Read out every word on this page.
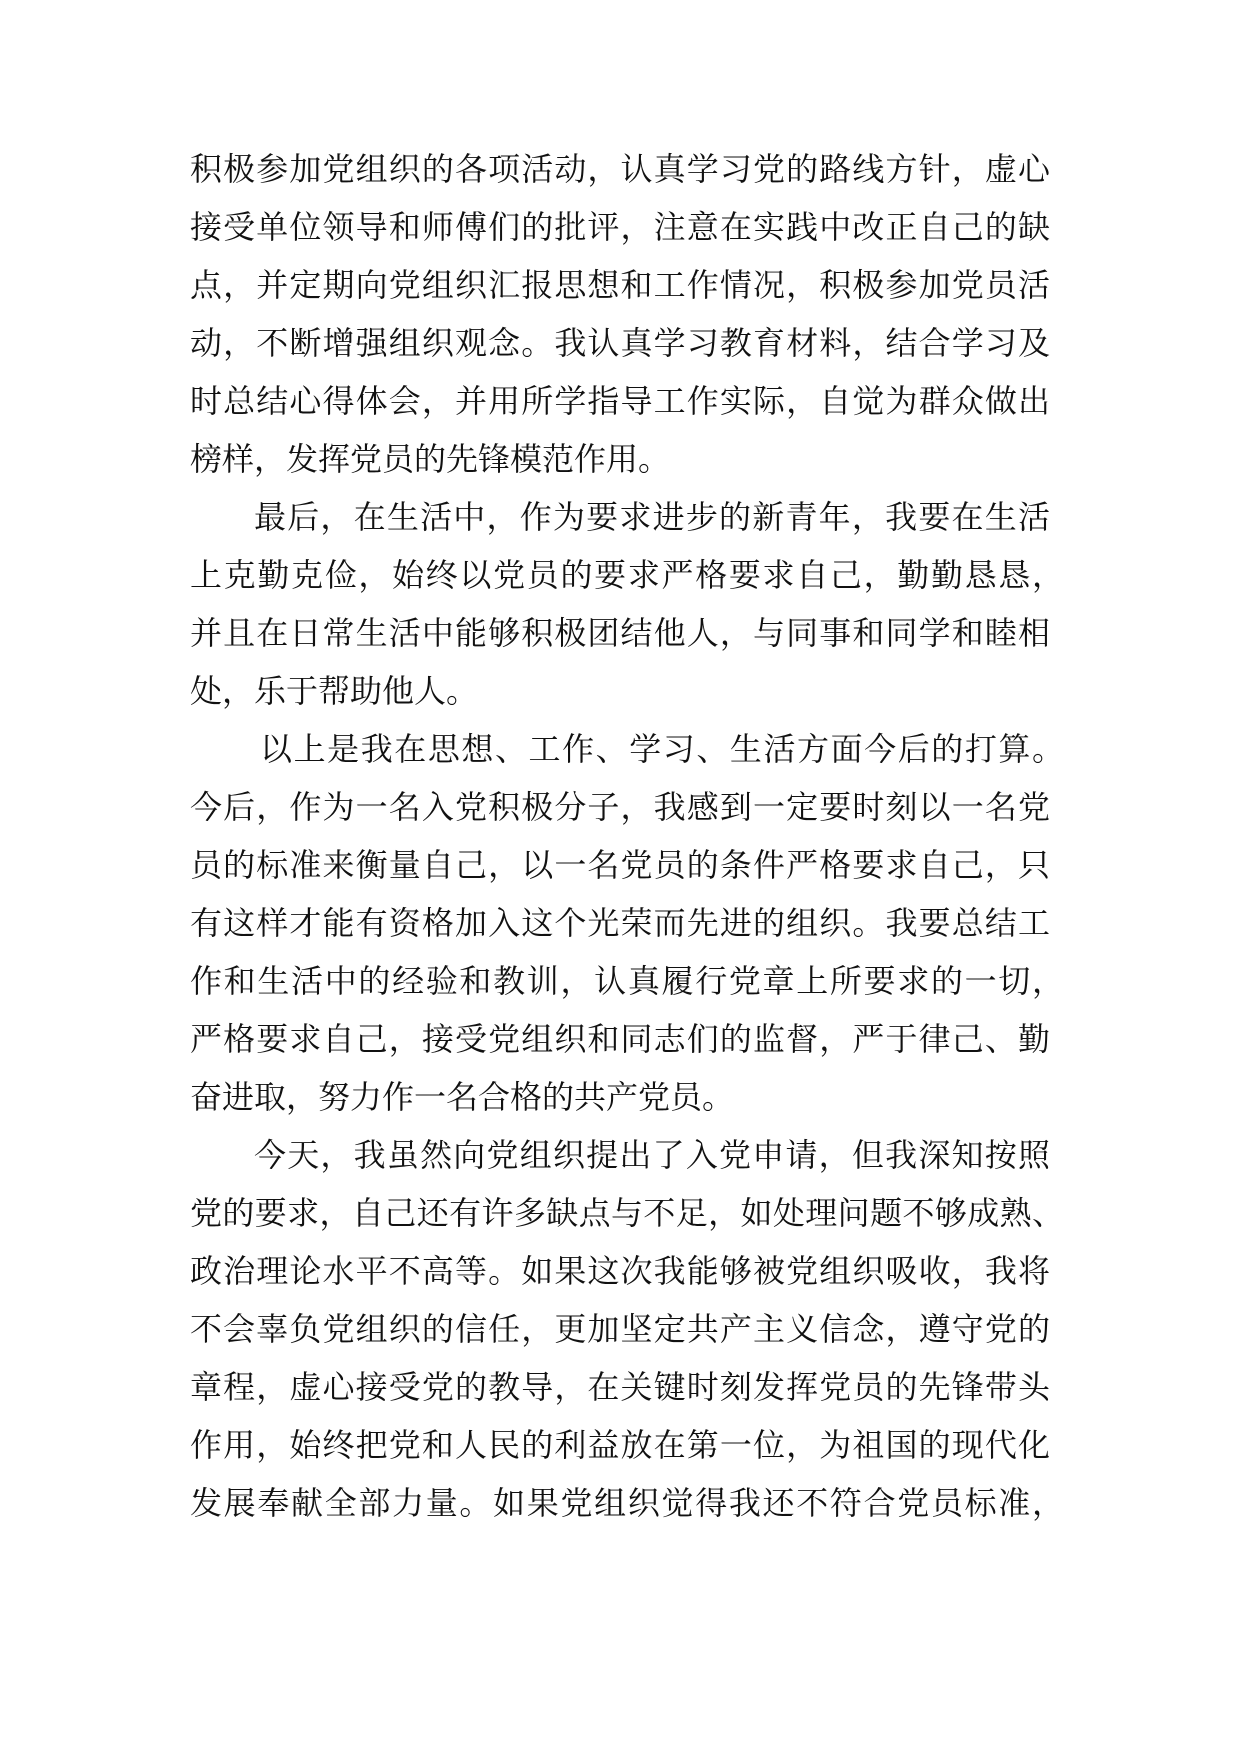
积极参加党组织的各项活动，认真学习党的路线方针，虚心
接受单位领导和师傅们的批评，注意在实践中改正自己的缺
点，并定期向党组织汇报思想和工作情况，积极参加党员活
动，不断增强组织观念。我认真学习教育材料，结合学习及
时总结心得体会，并用所学指导工作实际，自觉为群众做出
榜样，发挥党员的先锋模范作用。
最后，在生活中，作为要求进步的新青年，我要在生活
上克勤克俭，始终以党员的要求严格要求自己，勤勤恳恳，
并且在日常生活中能够积极团结他人，与同事和同学和睦相
处，乐于帮助他人。
以上是我在思想、工作、学习、生活方面今后的打算。
今后，作为一名入党积极分子，我感到一定要时刻以一名党
员的标准来衡量自己，以一名党员的条件严格要求自己，只
有这样才能有资格加入这个光荣而先进的组织。我要总结工
作和生活中的经验和教训，认真履行党章上所要求的一切，
严格要求自己，接受党组织和同志们的监督，严于律己、勤
奋进取，努力作一名合格的共产党员。
今天，我虽然向党组织提出了入党申请，但我深知按照
党的要求，自己还有许多缺点与不足，如处理问题不够成熟、
政治理论水平不高等。如果这次我能够被党组织吸收，我将
不会辜负党组织的信任，更加坚定共产主义信念，遵守党的
章程，虚心接受党的教导，在关键时刻发挥党员的先锋带头
作用，始终把党和人民的利益放在第一位，为祖国的现代化
发展奉献全部力量。如果党组织觉得我还不符合党员标准，
